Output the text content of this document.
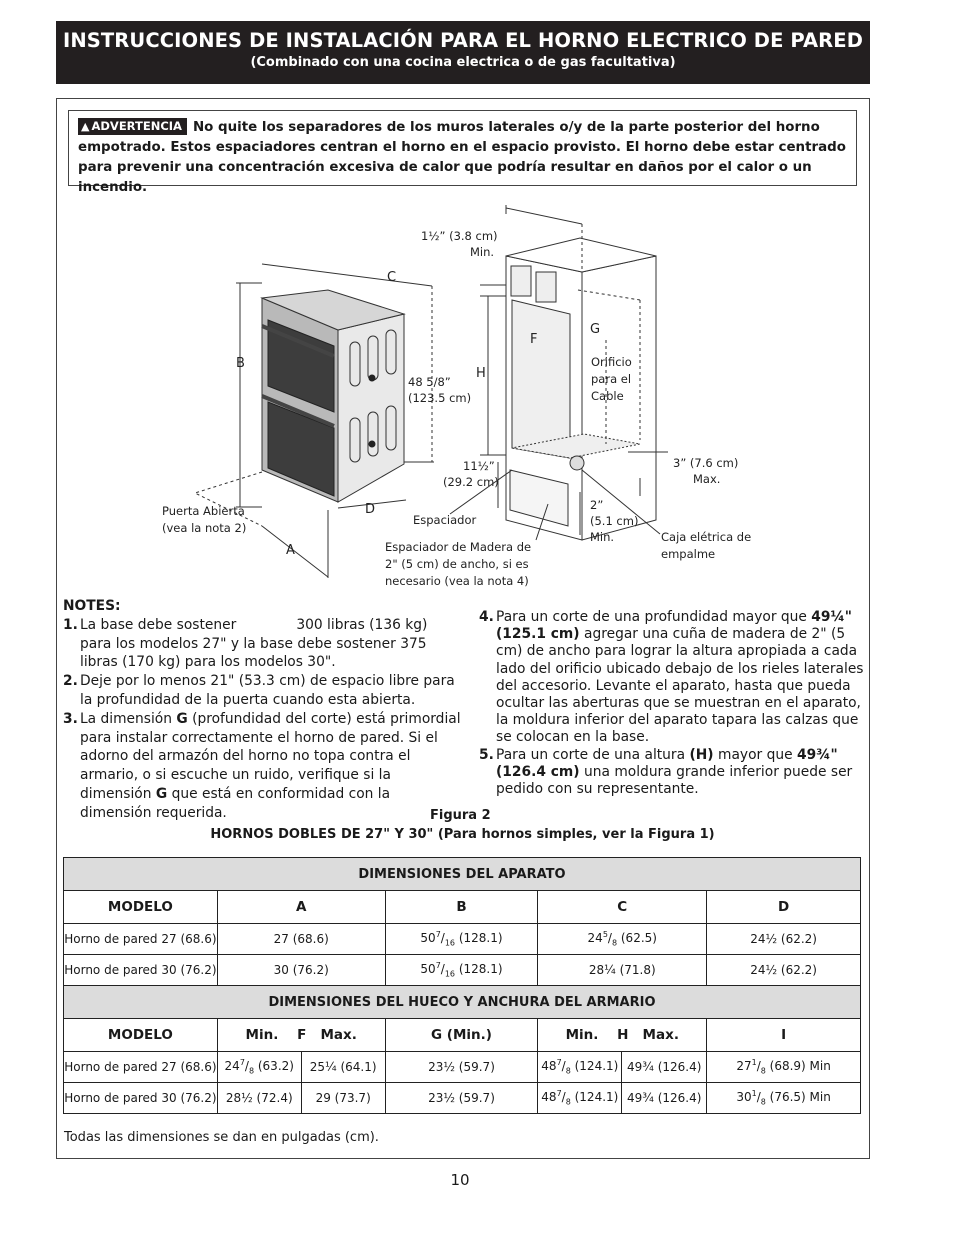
INSTRUCCIONES DE INSTALACIÓN PARA EL HORNO ELECTRICO DE PARED
(Combinado con una cocina electrica o de gas facultativa)
▲ ADVERTENCIA No quite los separadores de los muros laterales o/y de la parte posterior del horno empotrado. Estos espaciadores centran el horno en el espacio provisto. El horno debe estar centrado para prevenir una concentración excesiva de calor que podría resultar en daños por el calor o un incendio.
1½” (3.8 cm)
Min.
C
B
D
A
F
G
H
48 5/8”
(123.5 cm)
11½”
(29.2 cm)
Orificio
para el
Cable
3” (7.6 cm)
Max.
2”
(5.1 cm)
Min.	Caja elétrica de
empalme
Puerta Abierta
(vea la nota 2)
Espaciador
Espaciador de Madera de
2" (5 cm) de ancho, si es
necesario (vea la nota 4)
NOTES:
1. La base debe sostener	300 libras (136 kg) para los modelos 27" y la base debe sostener 375 libras (170 kg) para los modelos 30".
2. Deje por lo menos 21" (53.3 cm) de espacio libre para la profundidad de la puerta cuando esta abierta.
3. La dimensión G (profundidad del corte) está primordial para instalar correctamente el horno de pared. Si el adorno del armazón del horno no topa contra el armario, o si escuche un ruido, verifique si la dimensión G que está en conformidad con la dimensión requerida.
4. Para un corte de una profundidad mayor que 49¼" (125.1 cm) agregar una cuña de madera de 2" (5 cm) de ancho para lograr la altura apropiada a cada lado del orificio ubicado debajo de los rieles laterales del accesorio. Levante el aparato, hasta que pueda ocultar las aberturas que se muestran en el aparato, la moldura inferior del aparato tapara las calzas que se colocan en la base.
5. Para un corte de una altura (H) mayor que 49¾" (126.4 cm) una moldura grande inferior puede ser pedido con su representante.
Figura 2
HORNOS DOBLES DE 27" Y 30" (Para hornos simples, ver la Figura 1)
DIMENSIONES DEL APARATO						
MODELO	A		B	C		D
Horno de pared 27 (68.6)	27 (68.6)		$50^7/_{16}$ (128.1)	$24^5/_8$ (62.5)		24½ (62.2)
Horno de pared 30 (76.2)	30 (76.2)		$50^7/_{16}$ (128.1)	28¼ (71.8)		24½ (62.2)
DIMENSIONES DEL HUECO Y ANCHURA DEL ARMARIO						
MODELO	Min.    F   Max.		G (Min.)	Min.    H   Max.		I
Horno de pared 27 (68.6)	$24^7/_8$ (63.2)	25¼ (64.1)	23½ (59.7)	$48^7/_8$ (124.1)	49¾ (126.4)	$27^1/_8$ (68.9) Min
Horno de pared 30 (76.2)	28½ (72.4)	29 (73.7)	23½ (59.7)	$48^7/_8$ (124.1)	49¾ (126.4)	$30^1/_8$ (76.5) Min
Todas las dimensiones se dan en pulgadas (cm).
10
